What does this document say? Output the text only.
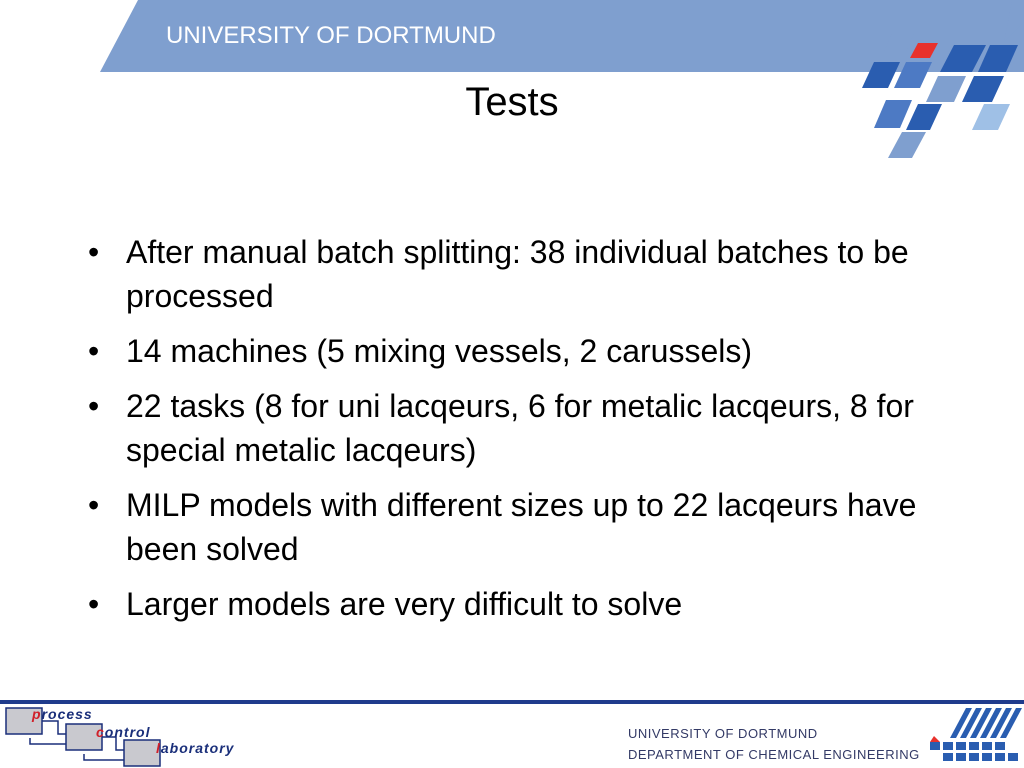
UNIVERSITY OF DORTMUND
Tests
• After manual batch splitting: 38 individual batches to be processed
• 14 machines (5 mixing vessels, 2 carussels)
• 22 tasks (8 for uni lacqeurs, 6 for metalic lacqeurs, 8 for special metalic lacqeurs)
• MILP models with different sizes up to 22 lacqeurs have been solved
• Larger models are very difficult to solve
process
control
laboratory
UNIVERSITY OF DORTMUND
DEPARTMENT OF CHEMICAL ENGINEERING
